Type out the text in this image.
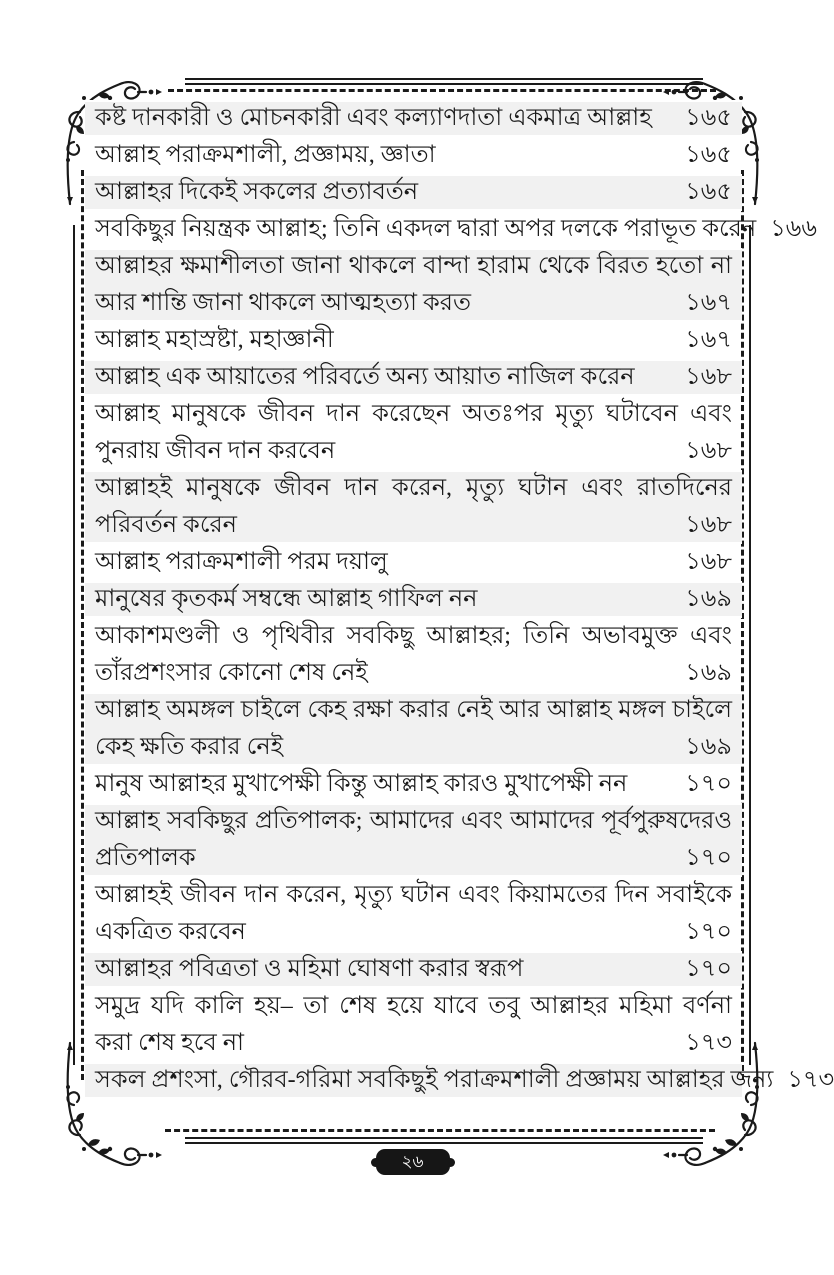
কষ্ট দানকারী ও মোচনকারী এবং কল্যাণদাতা একমাত্র আল্লাহ ১৬৫
আল্লাহ পরাক্রমশালী, প্রজ্ঞাময়, জ্ঞাতা	১৬৫
আল্লাহর দিকেই সকলের প্রত্যাবর্তন	১৬৫
সবকিছুর নিয়ন্ত্রক আল্লাহ; তিনি একদল দ্বারা অপর দলকে পরাভূত করেন ১৬৬
আল্লাহর ক্ষমাশীলতা জানা থাকলে বান্দা হারাম থেকে বিরত হতো না
আর শান্তি জানা থাকলে আত্মহত্যা করত	১৬৭
আল্লাহ মহাস্রষ্টা, মহাজ্ঞানী	১৬৭
আল্লাহ এক আয়াতের পরিবর্তে অন্য আয়াত নাজিল করেন ১৬৮
আল্লাহ মানুষকে জীবন দান করেছেন অতঃপর মৃত্যু ঘটাবেন এবং
পুনরায় জীবন দান করবেন	১৬৮
আল্লাহই মানুষকে জীবন দান করেন, মৃত্যু ঘটান এবং রাতদিনের
পরিবর্তন করেন	১৬৮
আল্লাহ পরাক্রমশালী পরম দয়ালু	১৬৮
মানুষের কৃতকর্ম সম্বন্ধে আল্লাহ গাফিল নন	১৬৯
আকাশমণ্ডলী ও পৃথিবীর সবকিছু আল্লাহর; তিনি অভাবমুক্ত এবং
তাঁরপ্রশংসার কোনো শেষ নেই	১৬৯
আল্লাহ অমঙ্গল চাইলে কেহ রক্ষা করার নেই আর আল্লাহ মঙ্গল চাইলে
কেহ ক্ষতি করার নেই	১৬৯
মানুষ আল্লাহর মুখাপেক্ষী কিন্তু আল্লাহ কারও মুখাপেক্ষী নন ১৭০
আল্লাহ সবকিছুর প্রতিপালক; আমাদের এবং আমাদের পূর্বপুরুষদেরও
প্রতিপালক	১৭০
আল্লাহই জীবন দান করেন, মৃত্যু ঘটান এবং কিয়ামতের দিন সবাইকে
একত্রিত করবেন	১৭০
আল্লাহর পবিত্রতা ও মহিমা ঘোষণা করার স্বরূপ	১৭০
সমুদ্র যদি কালি হয়– তা শেষ হয়ে যাবে তবু আল্লাহর মহিমা বর্ণনা
করা শেষ হবে না	১৭৩
সকল প্রশংসা, গৌরব-গরিমা সবকিছুই পরাক্রমশালী প্রজ্ঞাময় আল্লাহর জন্য ১৭৩
২৬
